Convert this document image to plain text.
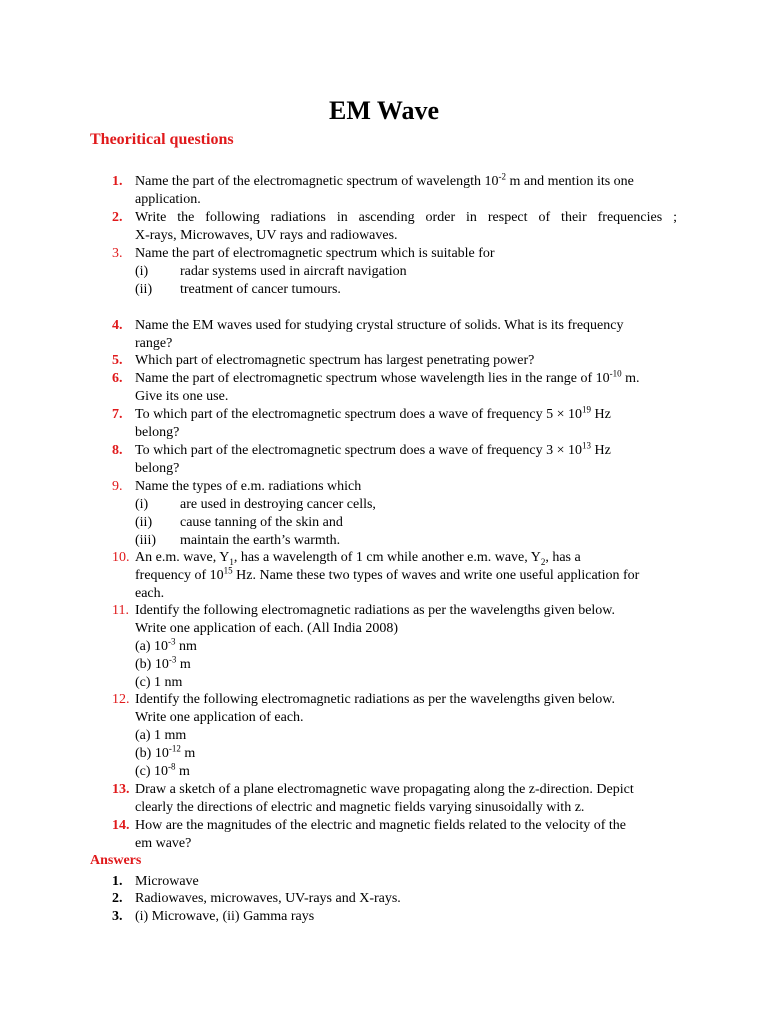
EM Wave
Theoritical questions
1. Name the part of the electromagnetic spectrum of wavelength $10^{-2}$ m and mention its one
application.
2. Write the following radiations in ascending order in respect of their frequencies ;
X-rays, Microwaves, UV rays and radiowaves.
3. Name the part of electromagnetic spectrum which is suitable for
(i) radar systems used in aircraft navigation
(ii) treatment of cancer tumours.
4. Name the EM waves used for studying crystal structure of solids. What is its frequency
range?
5. Which part of electromagnetic spectrum has largest penetrating power?
6. Name the part of electromagnetic spectrum whose wavelength lies in the range of $10^{-10}$ m.
Give its one use.
7. To which part of the electromagnetic spectrum does a wave of frequency $5 \times 10^{19}$ Hz
belong?
8. To which part of the electromagnetic spectrum does a wave of frequency $3 \times 10^{13}$ Hz
belong?
9. Name the types of e.m. radiations which
(i) are used in destroying cancer cells,
(ii) cause tanning of the skin and
(iii) maintain the earth’s warmth.
10. An e.m. wave, $Y_1$, has a wavelength of 1 cm while another e.m. wave, $Y_2$, has a
frequency of $10^{15}$ Hz. Name these two types of waves and write one useful application for
each.
11. Identify the following electromagnetic radiations as per the wavelengths given below.
Write one application of each. (All India 2008)
(a) $10^{-3}$ nm
(b) $10^{-3}$ m
(c) 1 nm
12. Identify the following electromagnetic radiations as per the wavelengths given below.
Write one application of each.
(a) 1 mm
(b) $10^{-12}$ m
(c) $10^{-8}$ m
13. Draw a sketch of a plane electromagnetic wave propagating along the z-direction. Depict
clearly the directions of electric and magnetic fields varying sinusoidally with z.
14. How are the magnitudes of the electric and magnetic fields related to the velocity of the
em wave?
Answers
1. Microwave
2. Radiowaves, microwaves, UV-rays and X-rays.
3. (i) Microwave, (ii) Gamma rays
